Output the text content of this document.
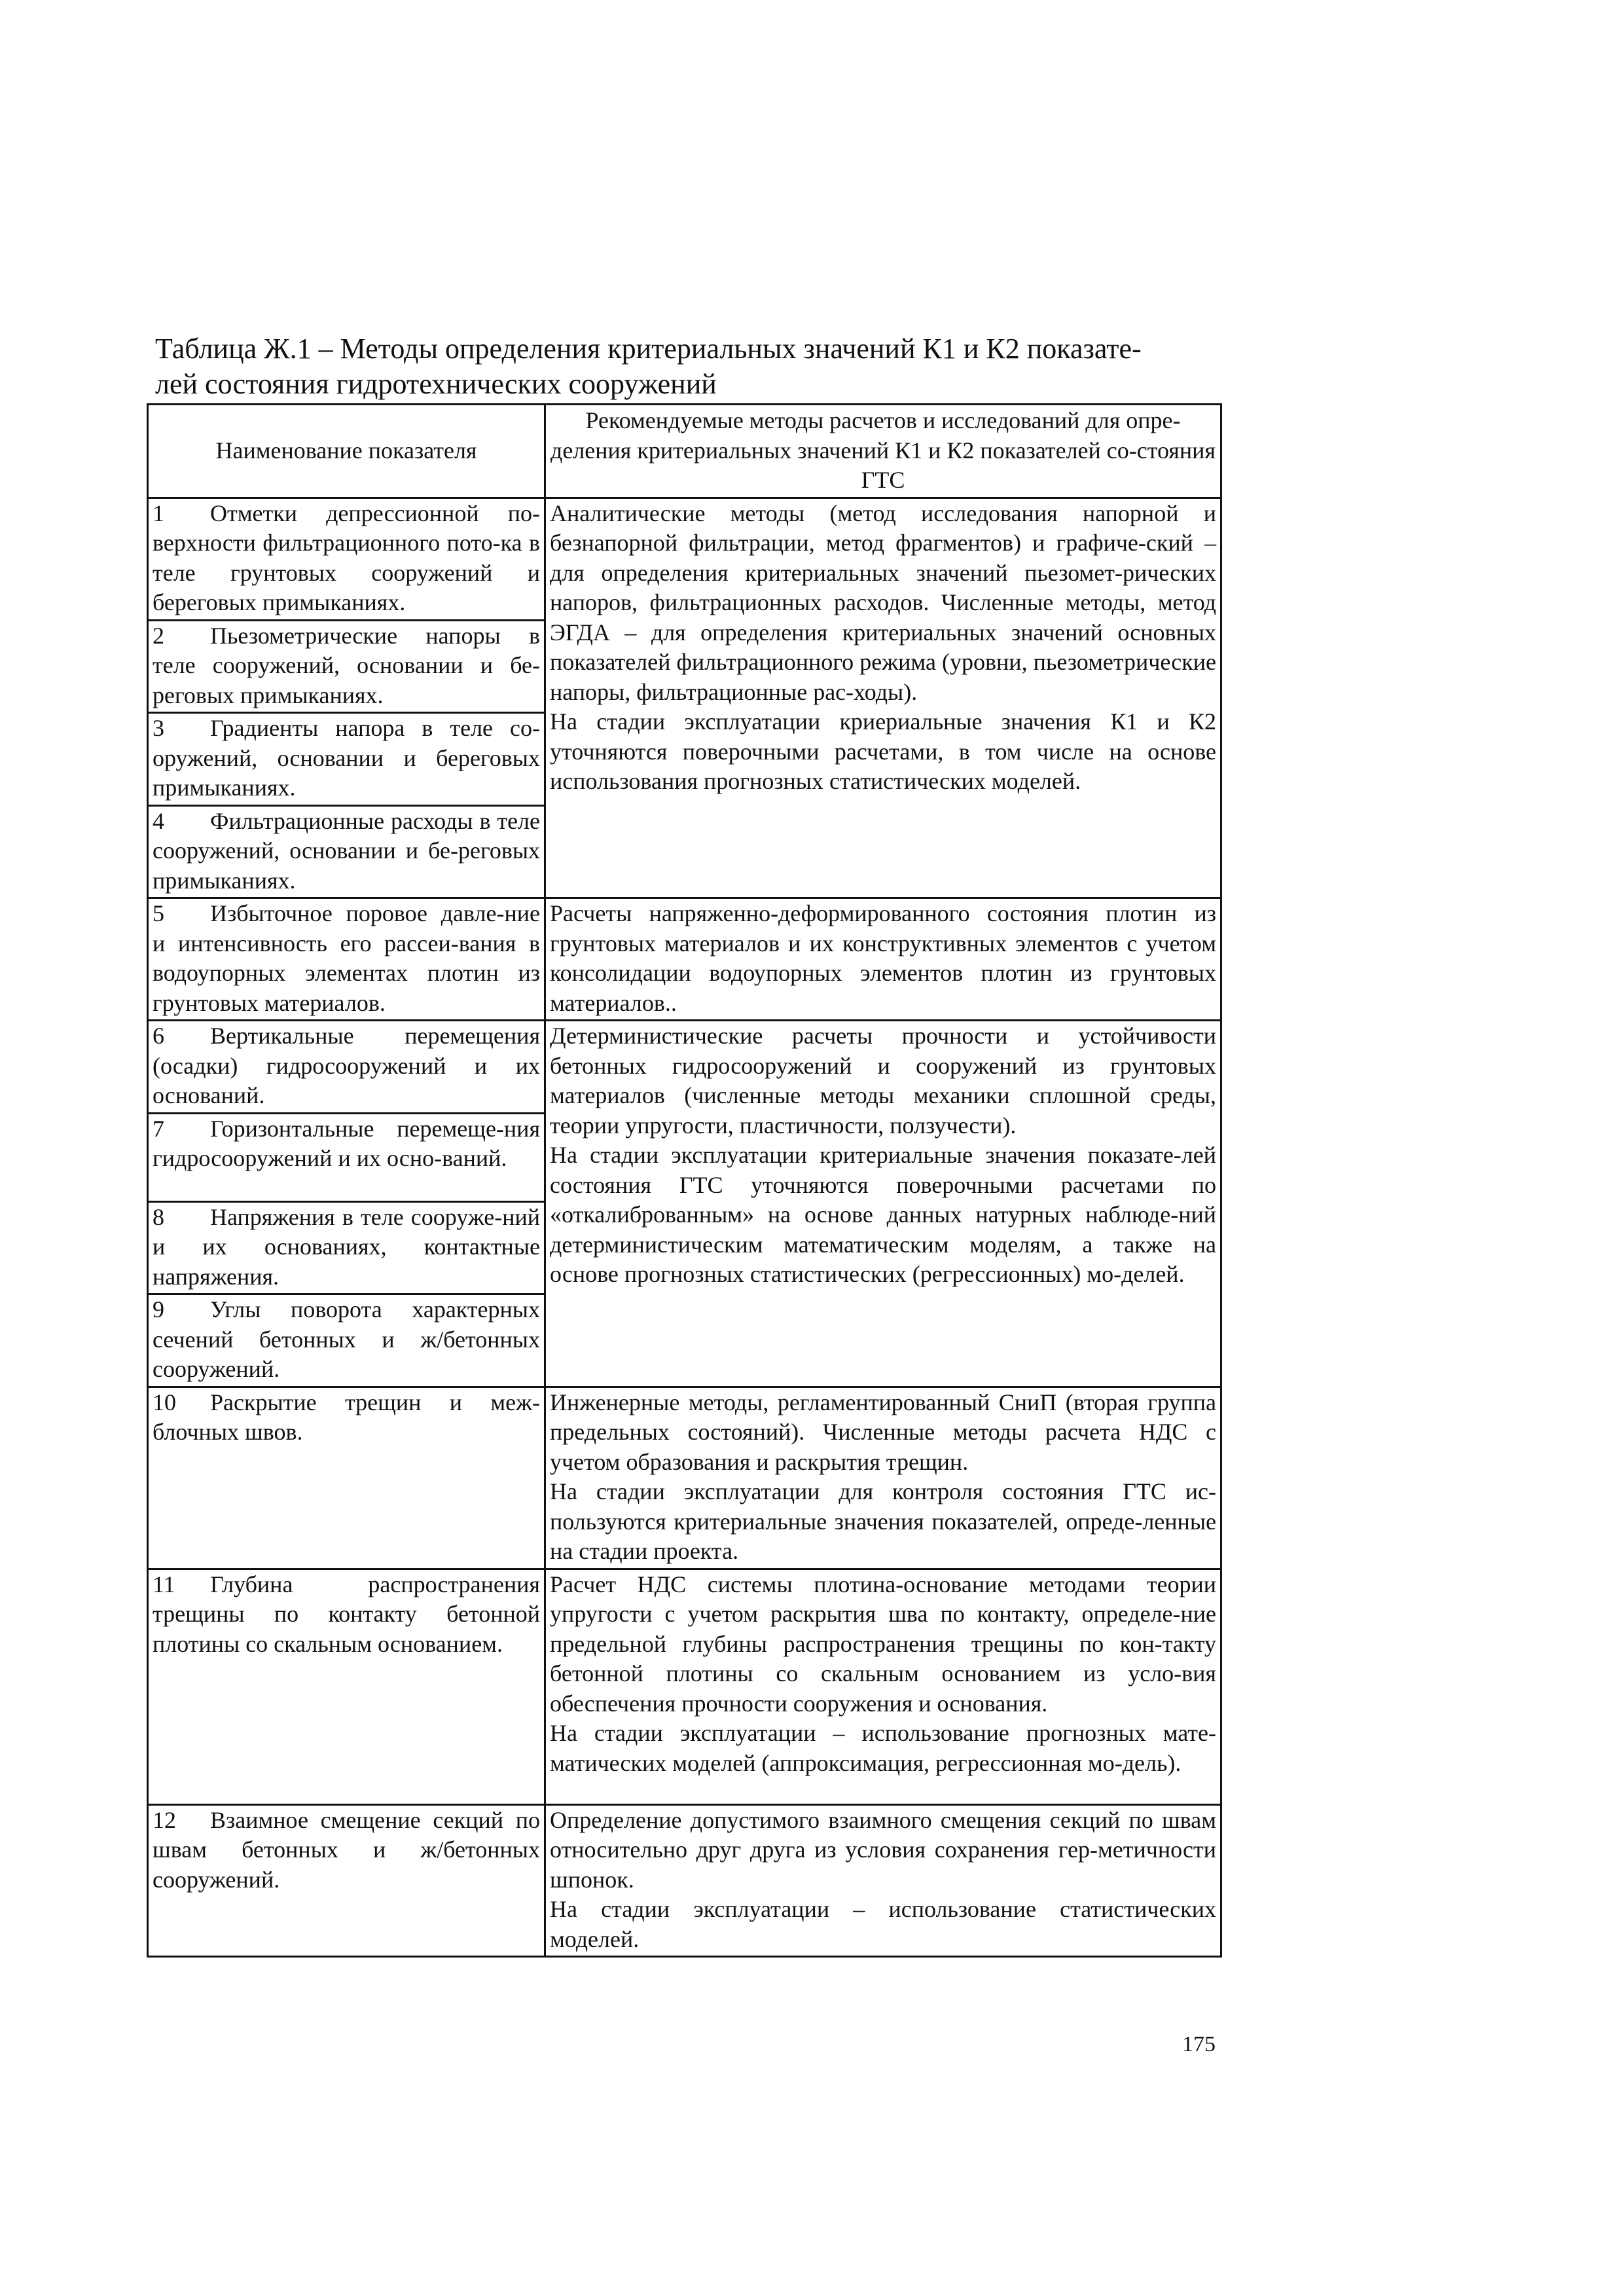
Таблица Ж.1 – Методы определения критериальных значений К1 и К2 показате-
лей состояния гидротехнических сооружений
Наименование показателя	Рекомендуемые методы расчетов и исследований для опре-деления критериальных значений К1 и К2 показателей со-стояния ГТС
1 Отметки депрессионной по-верхности фильтрационного пото-ка в теле грунтовых сооружений и береговых примыканиях.	Аналитические методы (метод исследования напорной и безнапорной фильтрации, метод фрагментов) и графиче-ский – для определения критериальных значений пьезомет-рических напоров, фильтрационных расходов. Численные методы, метод ЭГДА – для определения критериальных значений основных показателей фильтрационного режима (уровни, пьезометрические напоры, фильтрационные рас-ходы).
На стадии эксплуатации криериальные значения К1 и К2 уточняются поверочными расчетами, в том числе на основе использования прогнозных статистических моделей.

2 Пьезометрические напоры в теле сооружений, основании и бе-реговых примыканиях.	
3 Градиенты напора в теле со-оружений, основании и береговых примыканиях.	
4 Фильтрационные расходы в теле сооружений, основании и бе-реговых примыканиях.	
5 Избыточное поровое давле-ние и интенсивность его рассеи-вания в водоупорных элементах плотин из грунтовых материалов.	Расчеты напряженно-деформированного состояния плотин из грунтовых материалов и их конструктивных элементов с учетом консолидации водоупорных элементов плотин из грунтовых материалов..

6 Вертикальные перемещения (осадки) гидросооружений и их оснований.	Детерминистические расчеты прочности и устойчивости бетонных гидросооружений и сооружений из грунтовых материалов (численные методы механики сплошной среды, теории упругости, пластичности, ползучести).
На стадии эксплуатации критериальные значения показате-лей состояния ГТС уточняются поверочными расчетами по «откалиброванным» на основе данных натурных наблюде-ний детерминистическим математическим моделям, а также на основе прогнозных статистических (регрессионных) мо-делей.

7 Горизонтальные перемеще-ния гидросооружений и их осно-ваний.	
8 Напряжения в теле сооруже-ний и их основаниях, контактные напряжения.	
9 Углы поворота характерных сечений бетонных и ж/бетонных сооружений.	
10 Раскрытие трещин и меж-блочных швов.	Инженерные методы, регламентированный СниП (вторая группа предельных состояний). Численные методы расчета НДС с учетом образования и раскрытия трещин.
На стадии эксплуатации для контроля состояния ГТС ис-пользуются критериальные значения показателей, опреде-ленные на стадии проекта.

11 Глубина распространения трещины по контакту бетонной плотины со скальным основанием.	Расчет НДС системы плотина-основание методами теории упругости с учетом раскрытия шва по контакту, определе-ние предельной глубины распространения трещины по кон-такту бетонной плотины со скальным основанием из усло-вия обеспечения прочности сооружения и основания.
На стадии эксплуатации – использование прогнозных мате-матических моделей (аппроксимация, регрессионная мо-дель).

12 Взаимное смещение секций по швам бетонных и ж/бетонных сооружений.	Определение допустимого взаимного смещения секций по швам относительно друг друга из условия сохранения гер-метичности шпонок.
На стадии эксплуатации – использование статистических моделей.
175
